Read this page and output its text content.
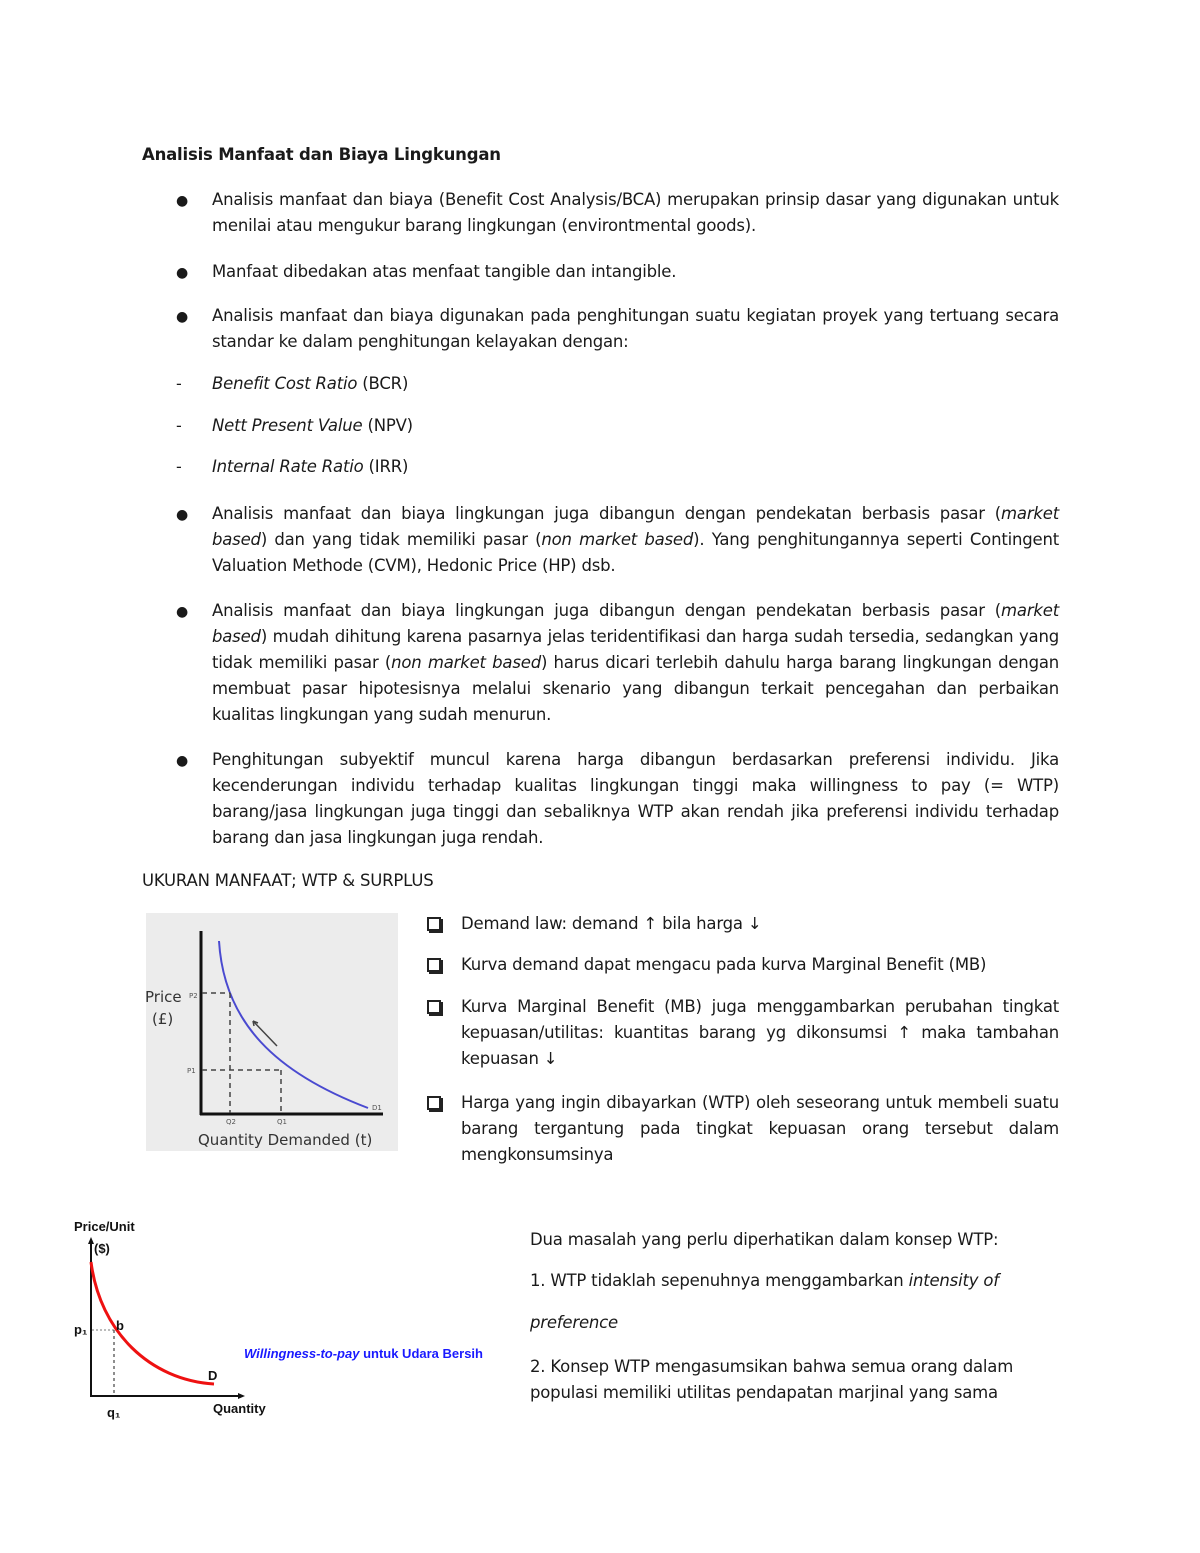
Analisis Manfaat dan Biaya Lingkungan
● Analisis manfaat dan biaya (Benefit Cost Analysis/BCA) merupakan prinsip dasar yang digunakan untuk menilai atau mengukur barang lingkungan (environtmental goods).
● Manfaat dibedakan atas menfaat tangible dan intangible.
● Analisis manfaat dan biaya digunakan pada penghitungan suatu kegiatan proyek yang tertuang secara standar ke dalam penghitungan kelayakan dengan:
- Benefit Cost Ratio (BCR)
- Nett Present Value (NPV)
- Internal Rate Ratio (IRR)
● Analisis manfaat dan biaya lingkungan juga dibangun dengan pendekatan berbasis pasar (market based) dan yang tidak memiliki pasar (non market based). Yang penghitungannya seperti Contingent Valuation Methode (CVM), Hedonic Price (HP) dsb.
● Analisis manfaat dan biaya lingkungan juga dibangun dengan pendekatan berbasis pasar (market based) mudah dihitung karena pasarnya jelas teridentifikasi dan harga sudah tersedia, sedangkan yang tidak memiliki pasar (non market based) harus dicari terlebih dahulu harga barang lingkungan dengan membuat pasar hipotesisnya melalui skenario yang dibangun terkait pencegahan dan perbaikan kualitas lingkungan yang sudah menurun.
● Penghitungan subyektif muncul karena harga dibangun berdasarkan preferensi individu. Jika kecenderungan individu terhadap kualitas lingkungan tinggi maka willingness to pay (= WTP) barang/jasa lingkungan juga tinggi dan sebaliknya WTP akan rendah jika preferensi individu terhadap barang dan jasa lingkungan juga rendah.
UKURAN MANFAAT; WTP & SURPLUS
Price
(£)
P2
P1
Q2	Q1
D1
Quantity Demanded (t)
Demand law: demand ↑ bila harga ↓
Kurva demand dapat mengacu pada kurva Marginal Benefit (MB)
Kurva Marginal Benefit (MB) juga menggambarkan perubahan tingkat kepuasan/utilitas: kuantitas barang yg dikonsumsi ↑ maka tambahan kepuasan ↓
Harga yang ingin dibayarkan (WTP) oleh seseorang untuk membeli suatu barang tergantung pada tingkat kepuasan orang tersebut dalam mengkonsumsinya
Price/Unit
($)
p₁ b
D
q₁	Quantity
Willingness-to-pay untuk Udara Bersih
Dua masalah yang perlu diperhatikan dalam konsep WTP:
1. WTP tidaklah sepenuhnya menggambarkan intensity of
preference
2. Konsep WTP mengasumsikan bahwa semua orang dalam populasi memiliki utilitas pendapatan marjinal yang sama
